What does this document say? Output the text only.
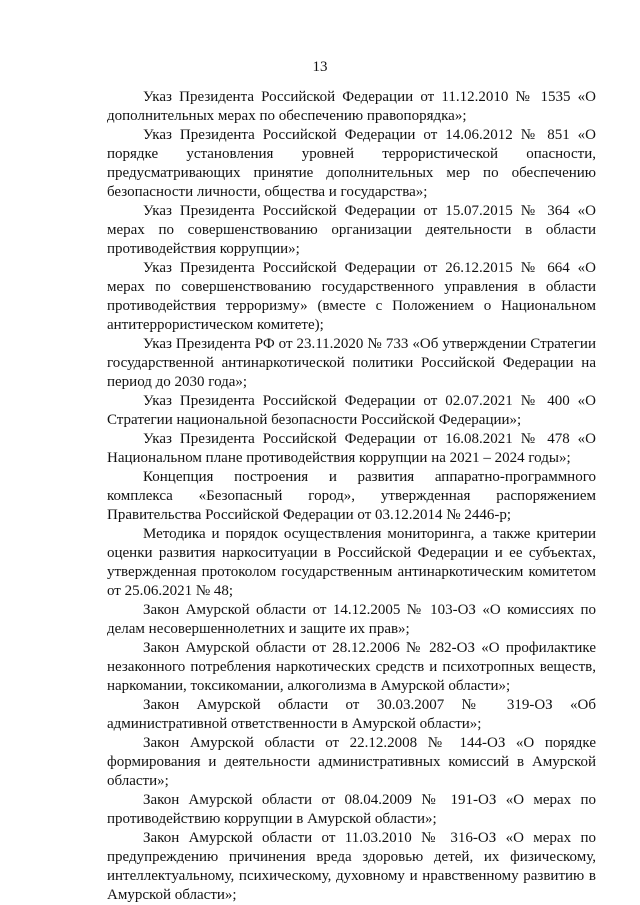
13

Указ Президента Российской Федерации от 11.12.2010 № 1535 «О дополнительных мерах по обеспечению правопорядка»;

Указ Президента Российской Федерации от 14.06.2012 № 851 «О порядке установления уровней террористической опасности, предусматривающих принятие дополнительных мер по обеспечению безопасности личности, общества и государства»;

Указ Президента Российской Федерации от 15.07.2015 № 364 «О мерах по совершенствованию организации деятельности в области противодействия коррупции»;

Указ Президента Российской Федерации от 26.12.2015 № 664 «О мерах по совершенствованию государственного управления в области противодействия терроризму» (вместе с Положением о Национальном антитеррористическом комитете);

Указ Президента РФ от 23.11.2020 № 733 «Об утверждении Стратегии государственной антинаркотической политики Российской Федерации на период до 2030 года»;

Указ Президента Российской Федерации от 02.07.2021 № 400 «О Стратегии национальной безопасности Российской Федерации»;

Указ Президента Российской Федерации от 16.08.2021 № 478 «О Национальном плане противодействия коррупции на 2021 – 2024 годы»;

Концепция построения и развития аппаратно-программного комплекса «Безопасный город», утвержденная распоряжением Правительства Российской Федерации от 03.12.2014 № 2446-р;

Методика и порядок осуществления мониторинга, а также критерии оценки развития наркоситуации в Российской Федерации и ее субъектах, утвержденная протоколом государственным антинаркотическим комитетом от 25.06.2021 № 48;

Закон Амурской области от 14.12.2005 № 103-ОЗ «О комиссиях по делам несовершеннолетних и защите их прав»;

Закон Амурской области от 28.12.2006 № 282-ОЗ «О профилактике незаконного потребления наркотических средств и психотропных веществ, наркомании, токсикомании, алкоголизма в Амурской области»;

Закон Амурской области от 30.03.2007 № 319-ОЗ «Об административной ответственности в Амурской области»;

Закон Амурской области от 22.12.2008 № 144-ОЗ «О порядке формирования и деятельности административных комиссий в Амурской области»;

Закон Амурской области от 08.04.2009 № 191-ОЗ «О мерах по противодействию коррупции в Амурской области»;

Закон Амурской области от 11.03.2010 № 316-ОЗ «О мерах по предупреждению причинения вреда здоровью детей, их физическому, интеллектуальному, психическому, духовному и нравственному развитию в Амурской области»;
